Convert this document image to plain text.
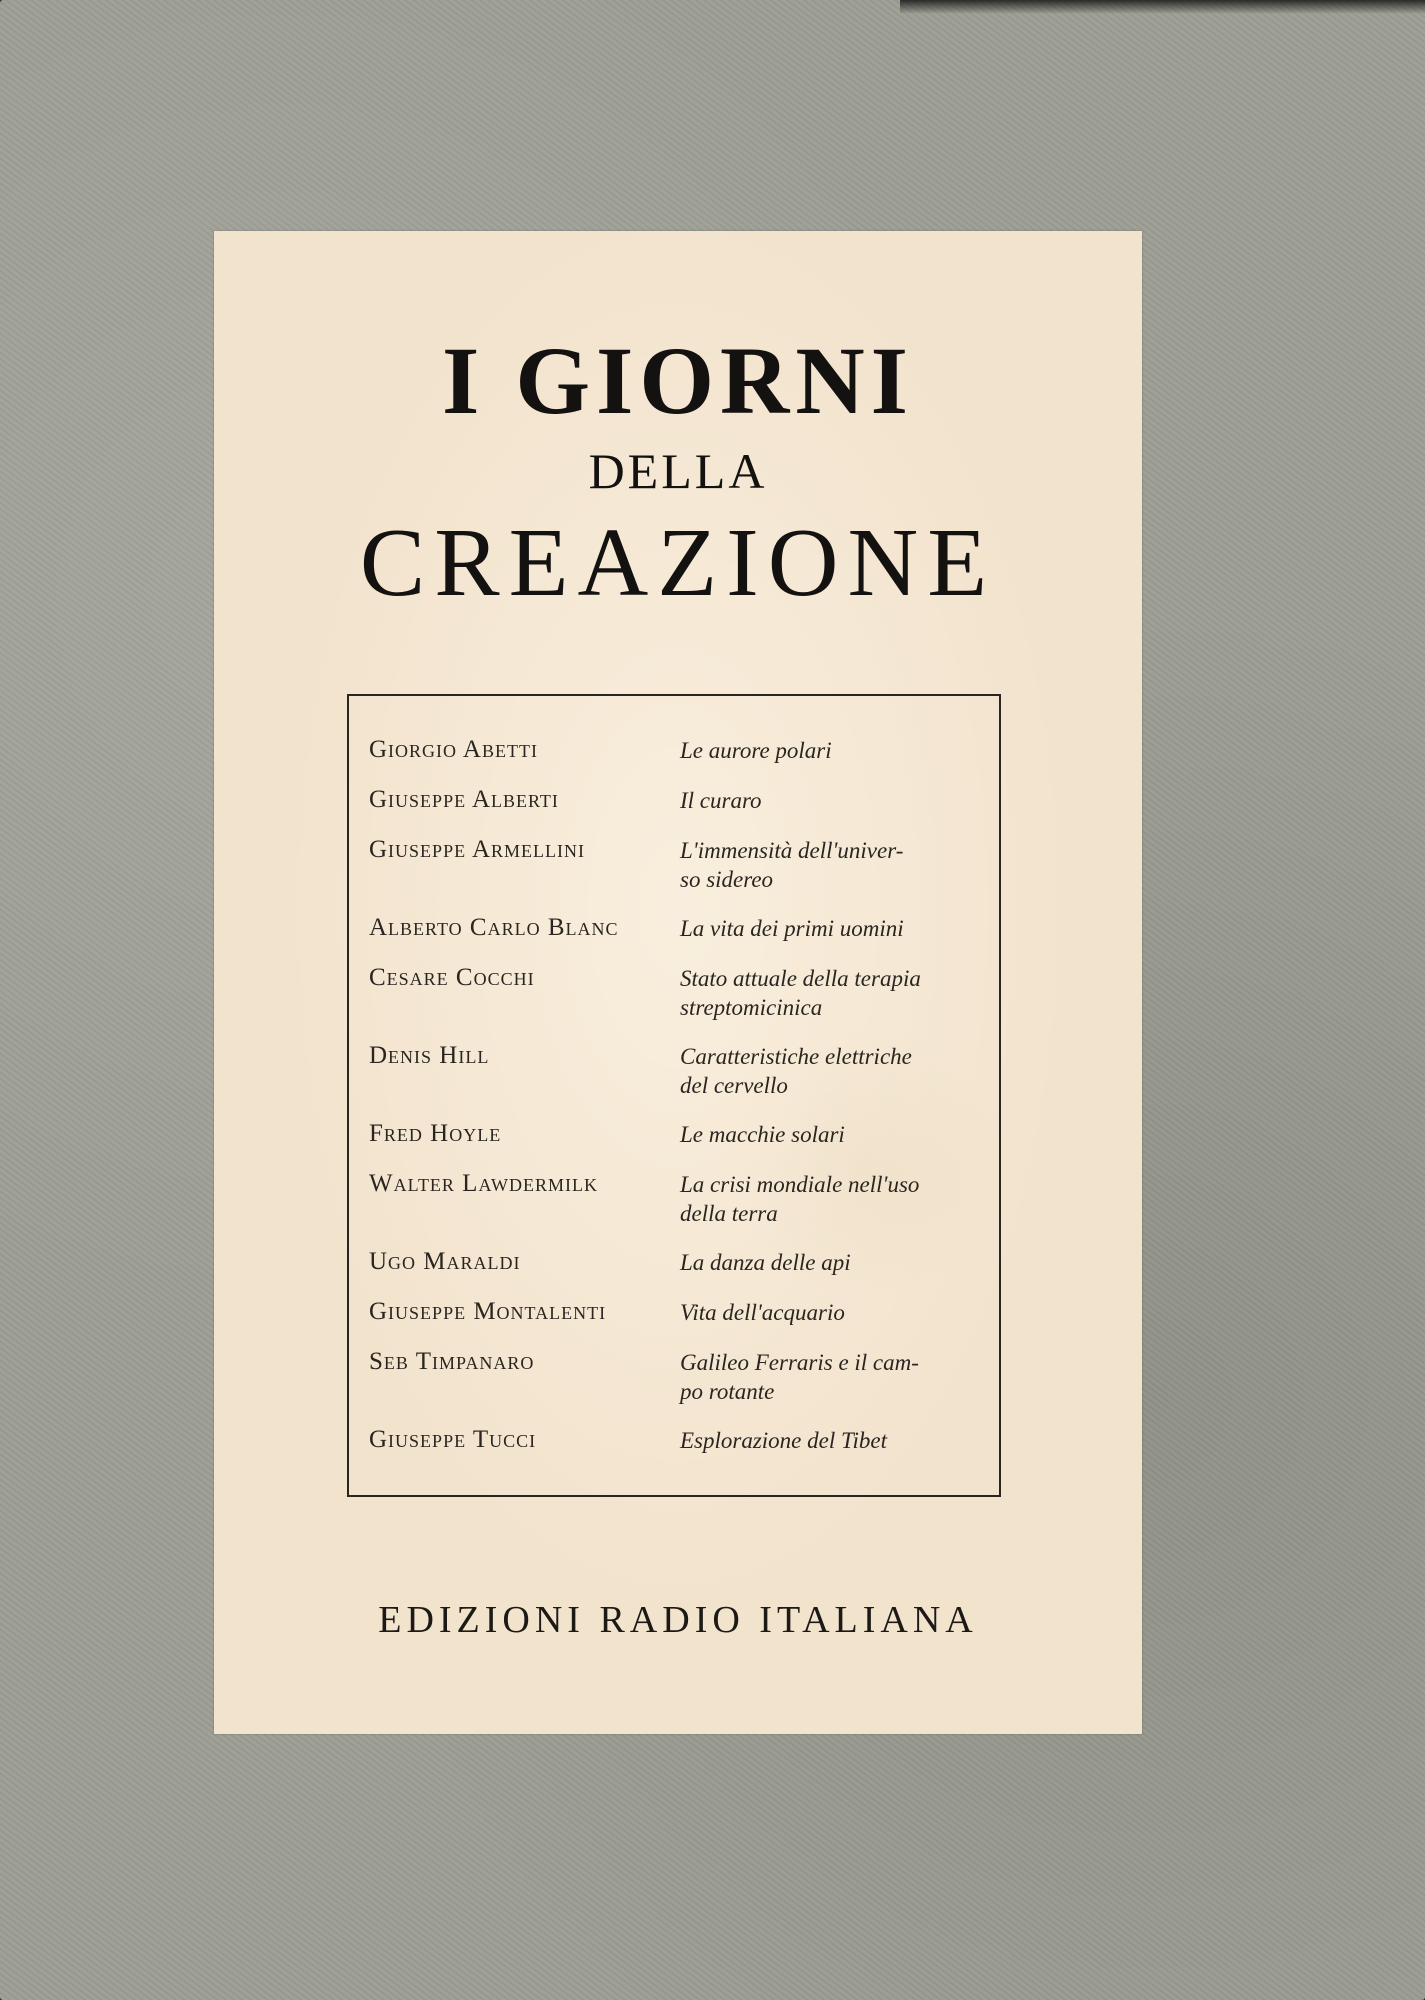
I GIORNI
DELLA
CREAZIONE
Giorgio Abetti	Le aurore polari
Giuseppe Alberti	Il curaro
Giuseppe Armellini	L'immensità dell'univer-
so sidereo
Alberto Carlo Blanc	La vita dei primi uomini
Cesare Cocchi	Stato attuale della terapia
streptomicinica
Denis Hill	Caratteristiche elettriche
del cervello
Fred Hoyle	Le macchie solari
Walter Lawdermilk	La crisi mondiale nell'uso
della terra
Ugo Maraldi	La danza delle api
Giuseppe Montalenti	Vita dell'acquario
Seb Timpanaro	Galileo Ferraris e il cam-
po rotante
Giuseppe Tucci	Esplorazione del Tibet
EDIZIONI RADIO ITALIANA
